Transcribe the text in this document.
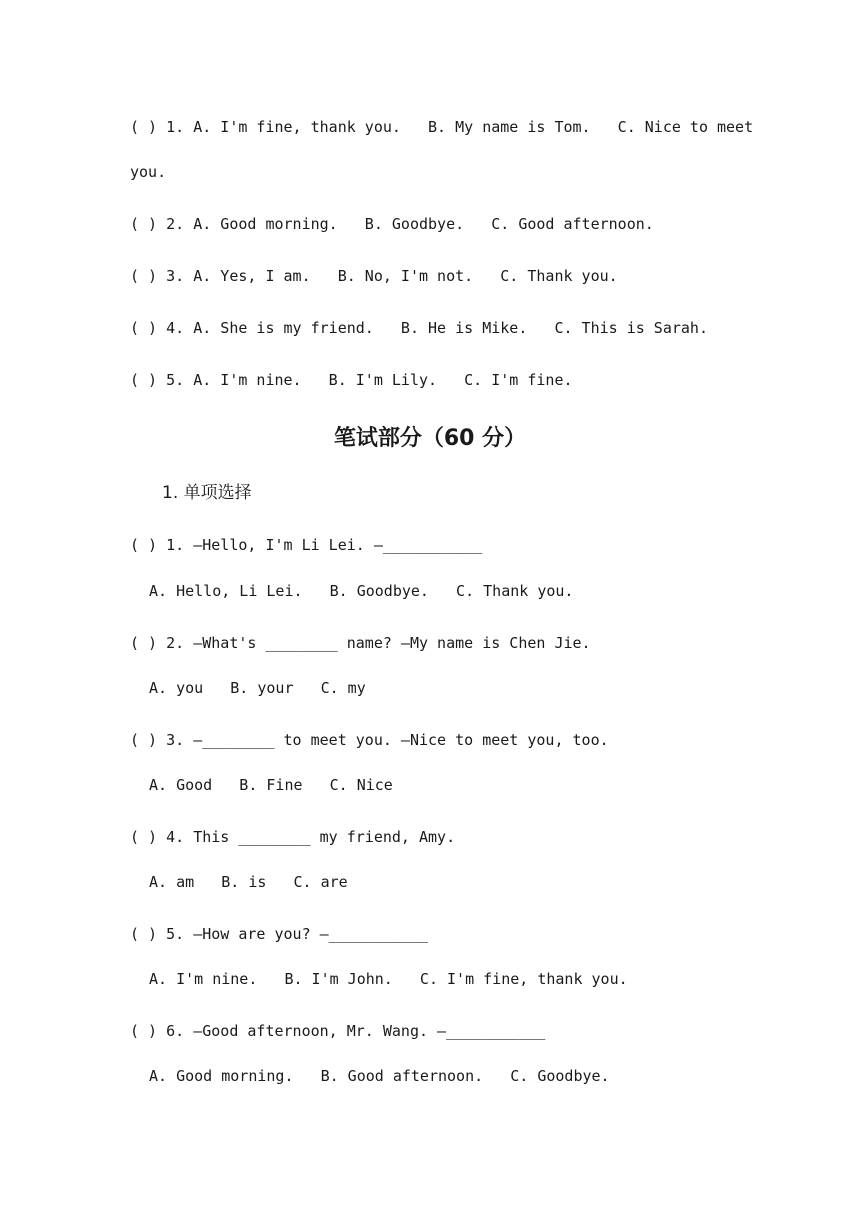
( ) 1. A. I'm fine, thank you.   B. My name is Tom.   C. Nice to meet
you.
( ) 2. A. Good morning.   B. Goodbye.   C. Good afternoon.
( ) 3. A. Yes, I am.   B. No, I'm not.   C. Thank you.
( ) 4. A. She is my friend.   B. He is Mike.   C. This is Sarah.
( ) 5. A. I'm nine.   B. I'm Lily.   C. I'm fine.
笔试部分（60 分）
1. 单项选择
( ) 1. —Hello, I'm Li Lei. —___________
A. Hello, Li Lei.   B. Goodbye.   C. Thank you.
( ) 2. —What's ________ name? —My name is Chen Jie.
A. you   B. your   C. my
( ) 3. —________ to meet you. —Nice to meet you, too.
A. Good   B. Fine   C. Nice
( ) 4. This ________ my friend, Amy.
A. am   B. is   C. are
( ) 5. —How are you? —___________
A. I'm nine.   B. I'm John.   C. I'm fine, thank you.
( ) 6. —Good afternoon, Mr. Wang. —___________
A. Good morning.   B. Good afternoon.   C. Goodbye.
